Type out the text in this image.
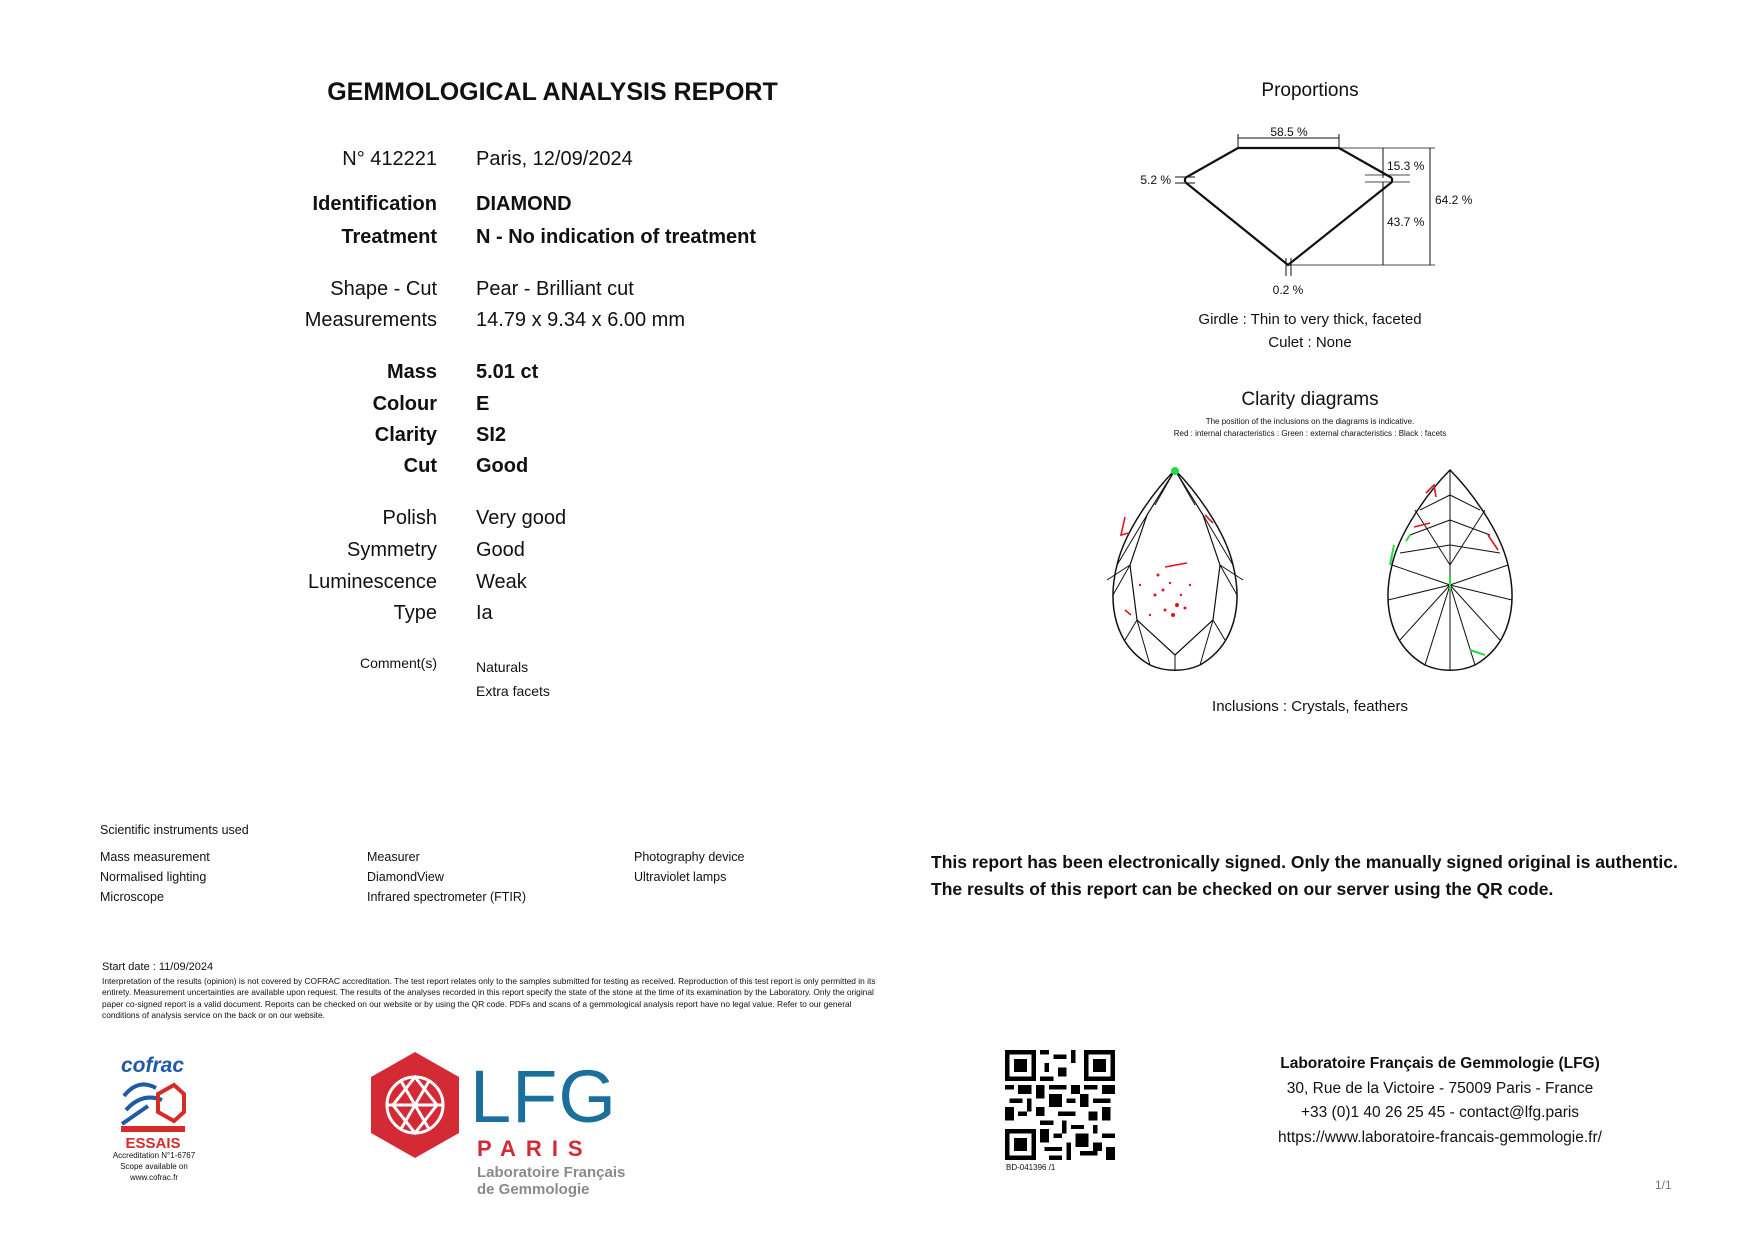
GEMMOLOGICAL ANALYSIS REPORT
N° 412221 Paris, 12/09/2024
Identification DIAMOND
Treatment N - No indication of treatment
Shape - Cut Pear - Brilliant cut
Measurements 14.79 x 9.34 x 6.00 mm
Mass 5.01 ct
Colour E
Clarity SI2
Cut Good
Polish Very good
Symmetry Good
Luminescence Weak
Type Ia
Comment(s)	Naturals
Extra facets
Proportions
58.5 %
5.2 %
15.3 %
64.2 %
43.7 %
0.2 %
Girdle : Thin to very thick, faceted
Culet : None
Clarity diagrams
The position of the inclusions on the diagrams is indicative.
Red : internal characteristics : Green : external characteristics : Black : facets
Inclusions : Crystals, feathers
Scientific instruments used
Mass measurement
Normalised lighting
Microscope
Measurer
DiamondView
Infrared spectrometer (FTIR)
Photography device
Ultraviolet lamps
This report has been electronically signed. Only the manually signed original is authentic.
The results of this report can be checked on our server using the QR code.
Start date : 11/09/2024
Interpretation of the results (opinion) is not covered by COFRAC accreditation. The test report relates only to the samples submitted for testing as received. Reproduction of this test report is only permitted in its entirety. Measurement uncertainties are available upon request. The results of the analyses recorded in this report specify the state of the stone at the time of its examination by the Laboratory. Only the original paper co-signed report is a valid document. Reports can be checked on our website or by using the QR code. PDFs and scans of a gemmological analysis report have no legal value. Refer to our general conditions of analysis service on the back or on our website.
cofrac
ESSAIS
Accreditation N°1-6767
Scope available on
www.cofrac.fr
LFG
PARIS
Laboratoire Français
de Gemmologie
BD-041396 /1
Laboratoire Français de Gemmologie (LFG)
30, Rue de la Victoire - 75009 Paris - France
+33 (0)1 40 26 25 45 - contact@lfg.paris
https://www.laboratoire-francais-gemmologie.fr/
1/1
